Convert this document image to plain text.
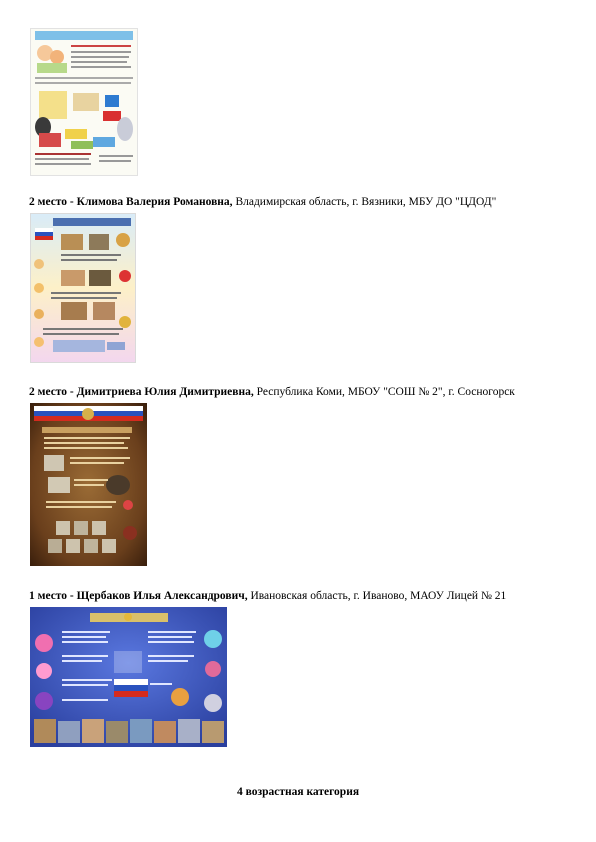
2 место - Климова Валерия Романовна, Владимирская область, г. Вязники, МБУ ДО "ЦДОД"
2 место - Димитриева Юлия Димитриевна, Республика Коми, МБОУ "СОШ № 2", г. Сосногорск
1 место - Щербаков Илья Александрович, Ивановская область, г. Иваново, МАОУ Лицей № 21
4 возрастная категория
